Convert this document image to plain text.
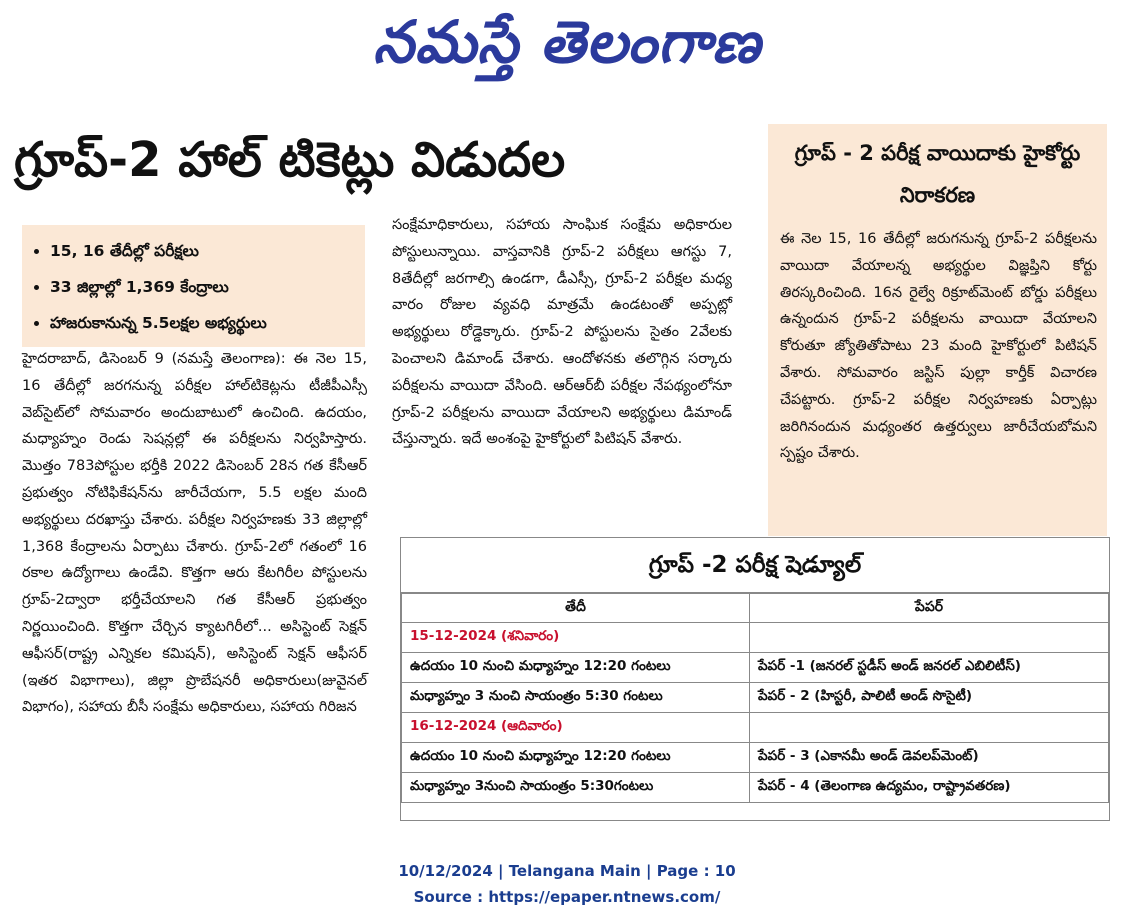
నమస్తే తెలంగాణ
గ్రూప్-2 హాల్ టికెట్లు విడుదల
• 15, 16 తేదీల్లో పరీక్షలు
• 33 జిల్లాల్లో 1,369 కేంద్రాలు
• హాజరుకానున్న 5.5లక్షల అభ్యర్థులు
హైదరాబాద్, డిసెంబర్ 9 (నమస్తే తెలంగాణ): ఈ నెల 15, 16 తేదీల్లో జరగనున్న పరీక్షల హాల్‌టికెట్లను టీజీపీఎస్సీ వెబ్‌సైట్‌లో సోమవారం అందుబాటులో ఉంచింది. ఉదయం, మధ్యాహ్నం రెండు సెషన్లల్లో ఈ పరీక్షలను నిర్వహిస్తారు. మొత్తం 783పోస్టుల భర్తీకి 2022 డిసెంబర్ 28న గత కేసీఆర్ ప్రభుత్వం నోటిఫికేషన్‌ను జారీచేయగా, 5.5 లక్షల మంది అభ్యర్థులు దరఖాస్తు చేశారు. పరీక్షల నిర్వహణకు 33 జిల్లాల్లో 1,368 కేంద్రాలను ఏర్పాటు చేశారు. గ్రూప్-2లో గతంలో 16 రకాల ఉద్యోగాలు ఉండేవి. కొత్తగా ఆరు కేటగిరీల పోస్టులను గ్రూప్-2ద్వారా భర్తీచేయాలని గత కేసీఆర్ ప్రభుత్వం నిర్ణయించింది. కొత్తగా చేర్చిన క్యాటగిరీలో... అసిస్టెంట్ సెక్షన్ ఆఫీసర్(రాష్ట్ర ఎన్నికల కమిషన్), అసిస్టెంట్ సెక్షన్ ఆఫీసర్ (ఇతర విభాగాలు), జిల్లా ప్రొబేషనరీ అధికారులు(జువైనల్ విభాగం), సహాయ బీసీ సంక్షేమ అధికారులు, సహాయ గిరిజన
సంక్షేమాధికారులు, సహాయ సాంఘిక సంక్షేమ అధికారుల పోస్టులున్నాయి. వాస్తవానికి గ్రూప్-2 పరీక్షలు ఆగస్టు 7, 8తేదీల్లో జరగాల్సి ఉండగా, డీఎస్సీ, గ్రూప్-2 పరీక్షల మధ్య వారం రోజుల వ్యవధి మాత్రమే ఉండటంతో అప్పట్లో అభ్యర్థులు రోడ్డెక్కారు. గ్రూప్-2 పోస్టులను సైతం 2వేలకు పెంచాలని డిమాండ్ చేశారు. ఆందోళనకు తలొగ్గిన సర్కారు పరీక్షలను వాయిదా వేసింది. ఆర్ఆర్‌బీ పరీక్షల నేపథ్యంలోనూ గ్రూప్-2 పరీక్షలను వాయిదా వేయాలని అభ్యర్థులు డిమాండ్ చేస్తున్నారు. ఇదే అంశంపై హైకోర్టులో పిటిషన్ వేశారు.
గ్రూప్ - 2 పరీక్ష వాయిదాకు హైకోర్టు నిరాకరణ
ఈ నెల 15, 16 తేదీల్లో జరుగనున్న గ్రూప్-2 పరీక్షలను వాయిదా వేయాలన్న అభ్యర్థుల విజ్ఞప్తిని కోర్టు తిరస్కరించింది. 16న రైల్వే రిక్రూట్‌మెంట్ బోర్డు పరీక్షలు ఉన్నందున గ్రూప్-2 పరీక్షలను వాయిదా వేయాలని కోరుతూ జ్యోతితోపాటు 23 మంది హైకోర్టులో పిటిషన్ వేశారు. సోమవారం జస్టిస్ పుల్లా కార్తీక్ విచారణ చేపట్టారు. గ్రూప్-2 పరీక్షల నిర్వహణకు ఏర్పాట్లు జరిగినందున మధ్యంతర ఉత్తర్వులు జారీచేయబోమని స్పష్టం చేశారు.
గ్రూప్ -2 పరీక్ష షెడ్యూల్
తేదీ	పేపర్
15-12-2024 (శనివారం)	
ఉదయం 10 నుంచి మధ్యాహ్నం 12:20 గంటలు	పేపర్ -1 (జనరల్ స్టడీస్ అండ్ జనరల్ ఎబిలిటీస్)
మధ్యాహ్నం 3 నుంచి సాయంత్రం 5:30 గంటలు	పేపర్ - 2 (హిస్టరీ, పాలిటీ అండ్ సొసైటీ)
16-12-2024 (ఆదివారం)	
ఉదయం 10 నుంచి మధ్యాహ్నం 12:20 గంటలు	పేపర్ - 3 (ఎకానమీ అండ్ డెవలప్‌మెంట్)
మధ్యాహ్నం 3నుంచి సాయంత్రం 5:30గంటలు	పేపర్ - 4 (తెలంగాణ ఉద్యమం, రాష్ట్రావతరణ)
10/12/2024 | Telangana Main | Page : 10
Source : https://epaper.ntnews.com/
